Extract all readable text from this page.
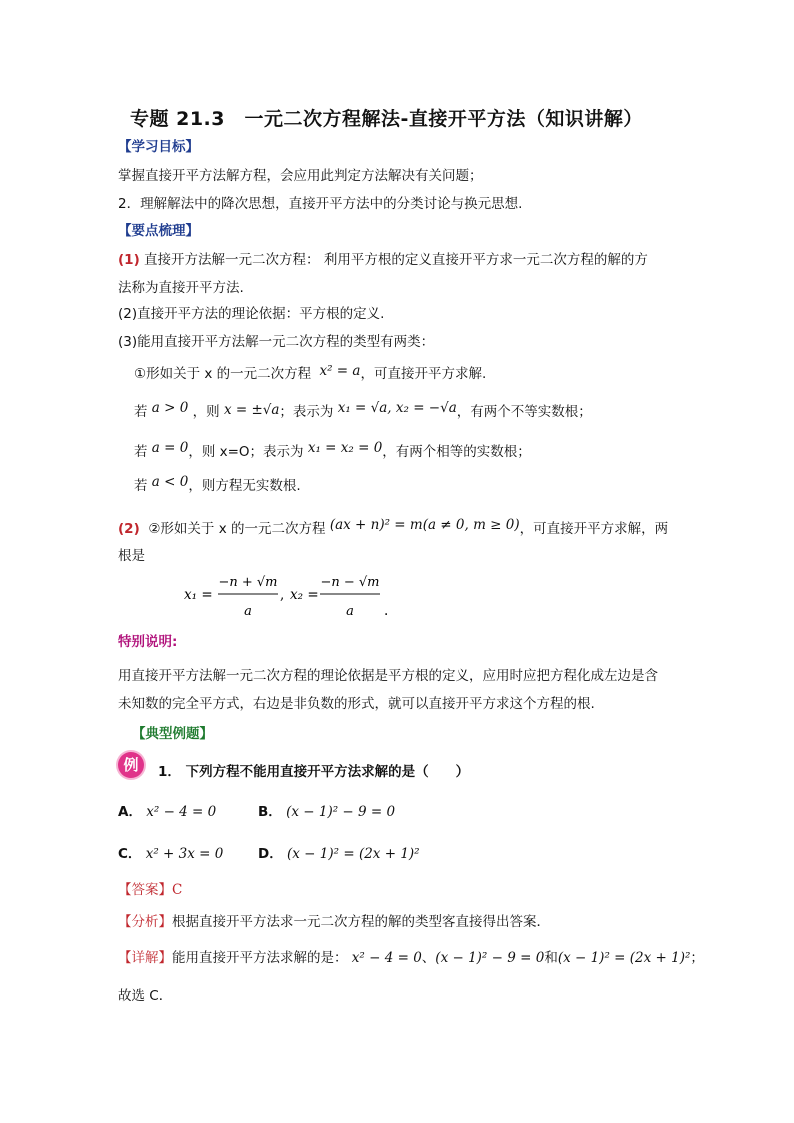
专题 21.3　一元二次方程解法-直接开平方法（知识讲解）
【学习目标】
掌握直接开平方法解方程，会应用此判定方法解决有关问题；
2．理解解法中的降次思想，直接开平方法中的分类讨论与换元思想.
【要点梳理】
(1) 直接开方法解一元二次方程： 利用平方根的定义直接开平方求一元二次方程的解的方
法称为直接开平方法.
(2)直接开平方法的理论依据：平方根的定义.
(3)能用直接开平方法解一元二次方程的类型有两类：
①形如关于 x 的一元二次方程 x² = a，可直接开平方求解.
若 a > 0 ，则 x = ±√a；表示为 x₁ = √a, x₂ = −√a，有两个不等实数根；
若 a = 0，则 x=O；表示为 x₁ = x₂ = 0，有两个相等的实数根；
若 a < 0，则方程无实数根.
(2) ②形如关于 x 的一元二次方程 (ax + n)² = m(a ≠ 0, m ≥ 0)，可直接开平方求解，两
根是
x₁ =
−n + √m
a
, x₂ =
−n − √m
a .
特别说明:
用直接开平方法解一元二次方程的理论依据是平方根的定义，应用时应把方程化成左边是含
未知数的完全平方式，右边是非负数的形式，就可以直接开平方求这个方程的根.
【典型例题】
例	1． 下列方程不能用直接开平方法求解的是（　　）
A． x² − 4 = 0	B． (x − 1)² − 9 = 0
C． x² + 3x = 0	D． (x − 1)² = (2x + 1)²
【答案】C
【分析】根据直接开平方法求一元二次方程的解的类型客直接得出答案．
【详解】能用直接开平方法求解的是： x² − 4 = 0、(x − 1)² − 9 = 0和(x − 1)² = (2x + 1)²；
故选 C．
